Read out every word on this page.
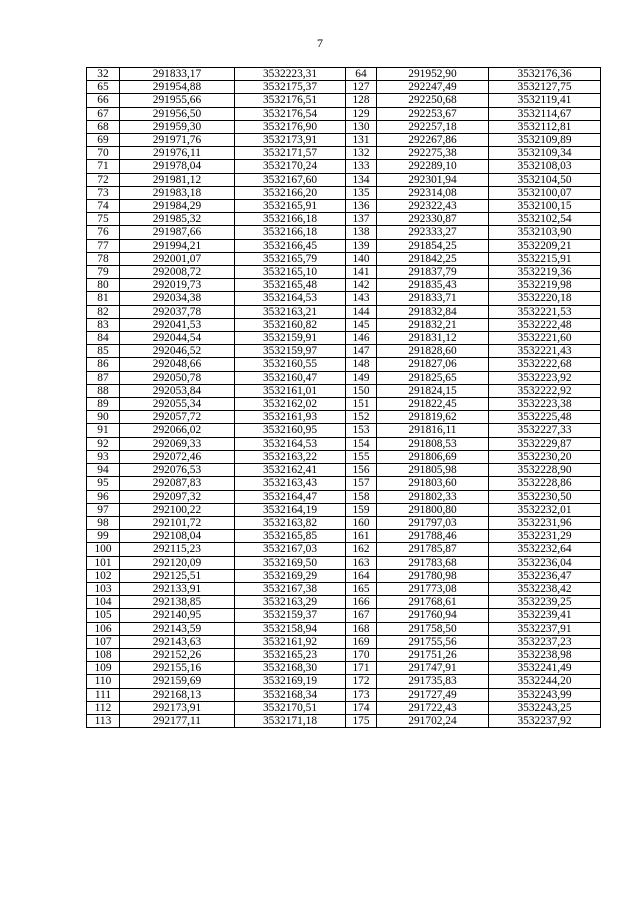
7
32	291833,17	3532223,31	64	291952,90	3532176,36
65	291954,88	3532175,37	127	292247,49	3532127,75
66	291955,66	3532176,51	128	292250,68	3532119,41
67	291956,50	3532176,54	129	292253,67	3532114,67
68	291959,30	3532176,90	130	292257,18	3532112,81
69	291971,76	3532173,91	131	292267,86	3532109,89
70	291976,11	3532171,57	132	292275,38	3532109,34
71	291978,04	3532170,24	133	292289,10	3532108,03
72	291981,12	3532167,60	134	292301,94	3532104,50
73	291983,18	3532166,20	135	292314,08	3532100,07
74	291984,29	3532165,91	136	292322,43	3532100,15
75	291985,32	3532166,18	137	292330,87	3532102,54
76	291987,66	3532166,18	138	292333,27	3532103,90
77	291994,21	3532166,45	139	291854,25	3532209,21
78	292001,07	3532165,79	140	291842,25	3532215,91
79	292008,72	3532165,10	141	291837,79	3532219,36
80	292019,73	3532165,48	142	291835,43	3532219,98
81	292034,38	3532164,53	143	291833,71	3532220,18
82	292037,78	3532163,21	144	291832,84	3532221,53
83	292041,53	3532160,82	145	291832,21	3532222,48
84	292044,54	3532159,91	146	291831,12	3532221,60
85	292046,52	3532159,97	147	291828,60	3532221,43
86	292048,66	3532160,55	148	291827,06	3532222,68
87	292050,78	3532160,47	149	291825,65	3532223,92
88	292053,84	3532161,01	150	291824,15	3532222,92
89	292055,34	3532162,02	151	291822,45	3532223,38
90	292057,72	3532161,93	152	291819,62	3532225,48
91	292066,02	3532160,95	153	291816,11	3532227,33
92	292069,33	3532164,53	154	291808,53	3532229,87
93	292072,46	3532163,22	155	291806,69	3532230,20
94	292076,53	3532162,41	156	291805,98	3532228,90
95	292087,83	3532163,43	157	291803,60	3532228,86
96	292097,32	3532164,47	158	291802,33	3532230,50
97	292100,22	3532164,19	159	291800,80	3532232,01
98	292101,72	3532163,82	160	291797,03	3532231,96
99	292108,04	3532165,85	161	291788,46	3532231,29
100	292115,23	3532167,03	162	291785,87	3532232,64
101	292120,09	3532169,50	163	291783,68	3532236,04
102	292125,51	3532169,29	164	291780,98	3532236,47
103	292133,91	3532167,38	165	291773,08	3532238,42
104	292138,85	3532163,29	166	291768,61	3532239,25
105	292140,95	3532159,37	167	291760,94	3532239,41
106	292143,59	3532158,94	168	291758,50	3532237,91
107	292143,63	3532161,92	169	291755,56	3532237,23
108	292152,26	3532165,23	170	291751,26	3532238,98
109	292155,16	3532168,30	171	291747,91	3532241,49
110	292159,69	3532169,19	172	291735,83	3532244,20
111	292168,13	3532168,34	173	291727,49	3532243,99
112	292173,91	3532170,51	174	291722,43	3532243,25
113	292177,11	3532171,18	175	291702,24	3532237,92
